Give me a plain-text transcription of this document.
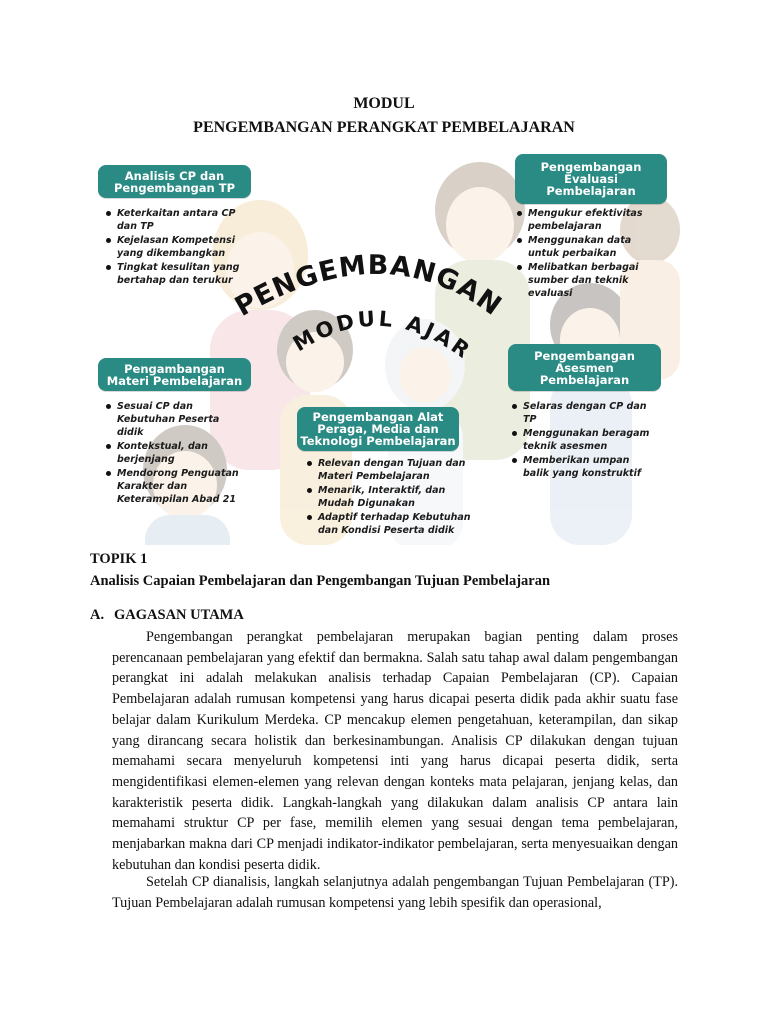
MODUL
PENGEMBANGAN PERANGKAT PEMBELAJARAN
PENGEMBANGAN
MODUL AJAR
Analisis CP dan
Pengembangan TP
Keterkaitan antara CP
dan TP
Kejelasan Kompetensi
yang dikembangkan
Tingkat kesulitan yang
bertahap dan terukur
Pengembangan
Evaluasi
Pembelajaran
Mengukur efektivitas
pembelajaran
Menggunakan data
untuk perbaikan
Melibatkan berbagai
sumber dan teknik
evaluasi
Pengambangan
Materi Pembelajaran
Sesuai CP dan
Kebutuhan Peserta
didik
Kontekstual, dan
berjenjang
Mendorong Penguatan
Karakter dan
Keterampilan Abad 21
Pengembangan Alat
Peraga, Media dan
Teknologi Pembelajaran
Relevan dengan Tujuan dan
Materi Pembelajaran
Menarik, Interaktif, dan
Mudah Digunakan
Adaptif terhadap Kebutuhan
dan Kondisi Peserta didik
Pengembangan
Asesmen
Pembelajaran
Selaras dengan CP dan
TP
Menggunakan beragam
teknik asesmen
Memberikan umpan
balik yang konstruktif
TOPIK 1
Analisis Capaian Pembelajaran dan Pengembangan Tujuan Pembelajaran
A. GAGASAN UTAMA

Pengembangan perangkat pembelajaran merupakan bagian penting dalam proses perencanaan pembelajaran yang efektif dan bermakna. Salah satu tahap awal dalam pengembangan perangkat ini adalah melakukan analisis terhadap Capaian Pembelajaran (CP). Capaian Pembelajaran adalah rumusan kompetensi yang harus dicapai peserta didik pada akhir suatu fase belajar dalam Kurikulum Merdeka. CP mencakup elemen pengetahuan, keterampilan, dan sikap yang dirancang secara holistik dan berkesinambungan. Analisis CP dilakukan dengan tujuan memahami secara menyeluruh kompetensi inti yang harus dicapai peserta didik, serta mengidentifikasi elemen-elemen yang relevan dengan konteks mata pelajaran, jenjang kelas, dan karakteristik peserta didik. Langkah-langkah yang dilakukan dalam analisis CP antara lain memahami struktur CP per fase, memilih elemen yang sesuai dengan tema pembelajaran, menjabarkan makna dari CP menjadi indikator-indikator pembelajaran, serta menyesuaikan dengan kebutuhan dan kondisi peserta didik.

Setelah CP dianalisis, langkah selanjutnya adalah pengembangan Tujuan Pembelajaran (TP). Tujuan Pembelajaran adalah rumusan kompetensi yang lebih spesifik dan operasional,
